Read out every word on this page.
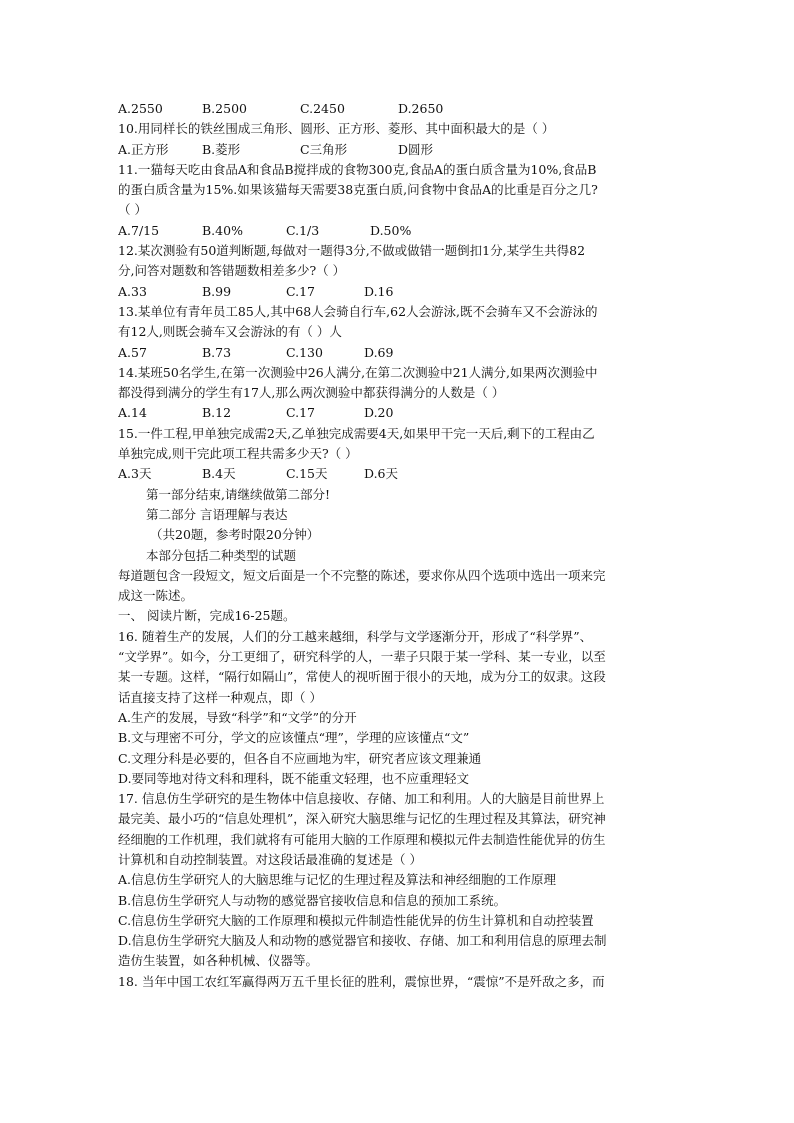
A.2550	B.2500	C.2450	D.2650
10.用同样长的铁丝围成三角形、圆形、正方形、菱形、其中面积最大的是（ ）
A.正方形	B.菱形	C三角形	D圆形
11.一猫每天吃由食品A和食品B搅拌成的食物300克,食品A的蛋白质含量为10%,食品B
的蛋白质含量为15%.如果该猫每天需要38克蛋白质,问食物中食品A的比重是百分之几?
（ ）
A.7/15	B.40%	C.1/3	D.50%
12.某次测验有50道判断题,每做对一题得3分,不做或做错一题倒扣1分,某学生共得82
分,问答对题数和答错题数相差多少?（ ）
A.33	B.99	C.17	D.16
13.某单位有青年员工85人,其中68人会骑自行车,62人会游泳,既不会骑车又不会游泳的
有12人,则既会骑车又会游泳的有（ ）人
A.57	B.73	C.130	D.69
14.某班50名学生,在第一次测验中26人满分,在第二次测验中21人满分,如果两次测验中
都没得到满分的学生有17人,那么两次测验中都获得满分的人数是（ ）
A.14	B.12	C.17	D.20
15.一件工程,甲单独完成需2天,乙单独完成需要4天,如果甲干完一天后,剩下的工程由乙
单独完成,则干完此项工程共需多少天?（ ）
A.3天	B.4天	C.15天	D.6天
第一部分结束,请继续做第二部分!
第二部分 言语理解与表达
（共20题，参考时限20分钟）
本部分包括二种类型的试题
每道题包含一段短文，短文后面是一个不完整的陈述，要求你从四个选项中选出一项来完
成这一陈述。
一、 阅读片断，完成16-25题。
16. 随着生产的发展，人们的分工越来越细，科学与文学逐渐分开，形成了“科学界”、
“文学界”。如今，分工更细了，研究科学的人，一辈子只限于某一学科、某一专业，以至
某一专题。这样，“隔行如隔山”，常使人的视听囿于很小的天地，成为分工的奴隶。这段
话直接支持了这样一种观点，即（ ）
A.生产的发展，导致“科学”和“文学”的分开
B.文与理密不可分，学文的应该懂点“理”，学理的应该懂点“文”
C.文理分科是必要的，但各自不应画地为牢，研究者应该文理兼通
D.要同等地对待文科和理科，既不能重文轻理，也不应重理轻文
17. 信息仿生学研究的是生物体中信息接收、存储、加工和利用。人的大脑是目前世界上
最完美、最小巧的“信息处理机”，深入研究大脑思维与记忆的生理过程及其算法，研究神
经细胞的工作机理，我们就将有可能用大脑的工作原理和模拟元件去制造性能优异的仿生
计算机和自动控制装置。对这段话最准确的复述是（ ）
A.信息仿生学研究人的大脑思维与记忆的生理过程及算法和神经细胞的工作原理
B.信息仿生学研究人与动物的感觉器官接收信息和信息的预加工系统。
C.信息仿生学研究大脑的工作原理和模拟元件制造性能优异的仿生计算机和自动控装置
D.信息仿生学研究大脑及人和动物的感觉器官和接收、存储、加工和利用信息的原理去制
造仿生装置，如各种机械、仪器等。
18. 当年中国工农红军赢得两万五千里长征的胜利，震惊世界，“震惊”不是歼敌之多，而
